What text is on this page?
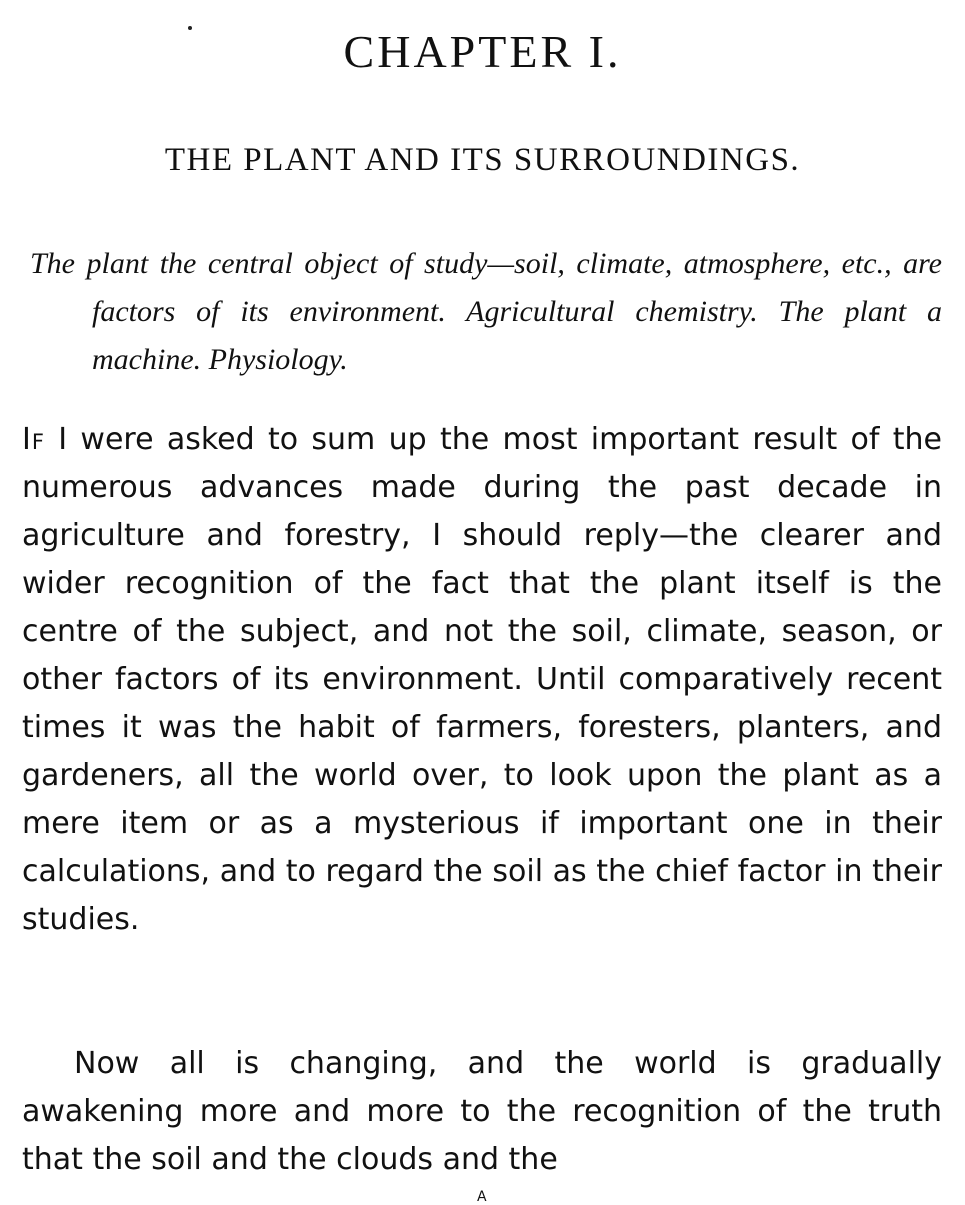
CHAPTER I.
THE PLANT AND ITS SURROUNDINGS.

The plant the central object of study—soil, climate, atmosphere, etc., are factors of its environment. Agricultural chemistry. The plant a machine. Physiology.

If I were asked to sum up the most important result of the numerous advances made during the past decade in agriculture and forestry, I should reply—the clearer and wider recognition of the fact that the plant itself is the centre of the subject, and not the soil, climate, season, or other factors of its environment. Until comparatively recent times it was the habit of farmers, foresters, planters, and gardeners, all the world over, to look upon the plant as a mere item or as a mysterious if important one in their calculations, and to regard the soil as the chief factor in their studies.

Now all is changing, and the world is gradually awakening more and more to the recognition of the truth that the soil and the clouds and the

A
